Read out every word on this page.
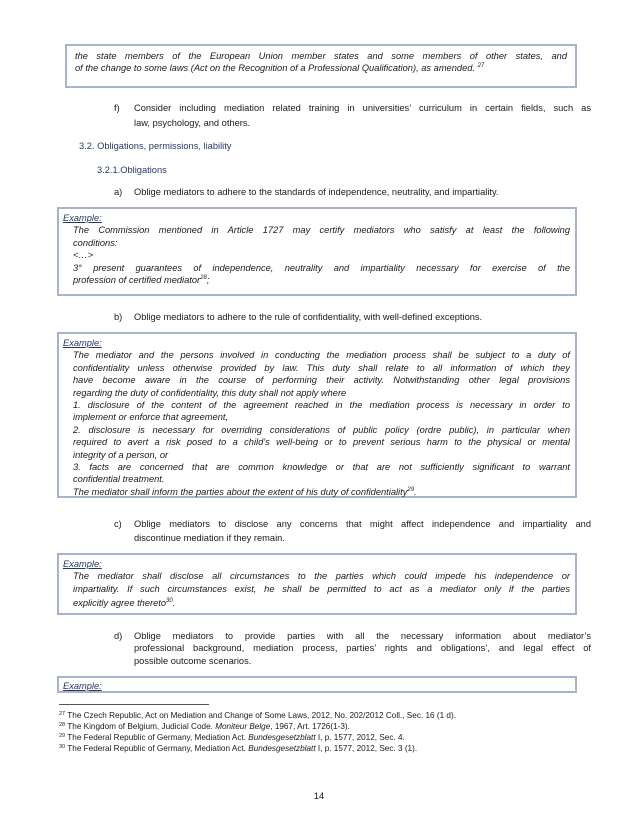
the state members of the European Union member states and some members of other states, and

of the change to some laws (Act on the Recognition of a Professional Qualification), as amended. $^{27}$

f) Consider including mediation related training in universities’ curriculum in certain fields, such as

law, psychology, and others.

3.2. Obligations, permissions, liability

3.2.1.Obligations

a) Oblige mediators to adhere to the standards of independence, neutrality, and impartiality.

Example:

The Commission mentioned in Article 1727 may certify mediators who satisfy at least the following

conditions:

<…>

3° present guarantees of independence, neutrality and impartiality necessary for exercise of the

profession of certified mediator$^{28}$;

b) Oblige mediators to adhere to the rule of confidentiality, with well-defined exceptions.

Example:

The mediator and the persons involved in conducting the mediation process shall be subject to a duty of

confidentiality unless otherwise provided by law. This duty shall relate to all information of which they

have become aware in the course of performing their activity. Notwithstanding other legal provisions

regarding the duty of confidentiality, this duty shall not apply where

1. disclosure of the content of the agreement reached in the mediation process is necessary in order to

implement or enforce that agreement,

2. disclosure is necessary for overriding considerations of public policy (ordre public), in particular when

required to avert a risk posed to a child’s well-being or to prevent serious harm to the physical or mental

integrity of a person, or

3. facts are concerned that are common knowledge or that are not sufficiently significant to warrant

confidential treatment.

The mediator shall inform the parties about the extent of his duty of confidentiality$^{29}$.

c) Oblige mediators to disclose any concerns that might affect independence and impartiality and

discontinue mediation if they remain.

Example:

The mediator shall disclose all circumstances to the parties which could impede his independence or

impartiality. If such circumstances exist, he shall be permitted to act as a mediator only if the parties

explicitly agree thereto$^{30}$.

d) Oblige mediators to provide parties with all the necessary information about mediator’s

professional background, mediation process, parties’ rights and obligations’, and legal effect of

possible outcome scenarios.

Example:

$^{27}$ The Czech Republic, Act on Mediation and Change of Some Laws, 2012, No. 202/2012 Coll., Sec. 16 (1 d).
$^{28}$ The Kingdom of Belgium, Judicial Code. Moniteur Belge, 1967, Art. 1726(1-3).
$^{29}$ The Federal Republic of Germany, Mediation Act. Bundesgesetzblatt I, p. 1577, 2012, Sec. 4.
$^{30}$ The Federal Republic of Germany, Mediation Act. Bundesgesetzblatt I, p. 1577, 2012, Sec. 3 (1).

14
